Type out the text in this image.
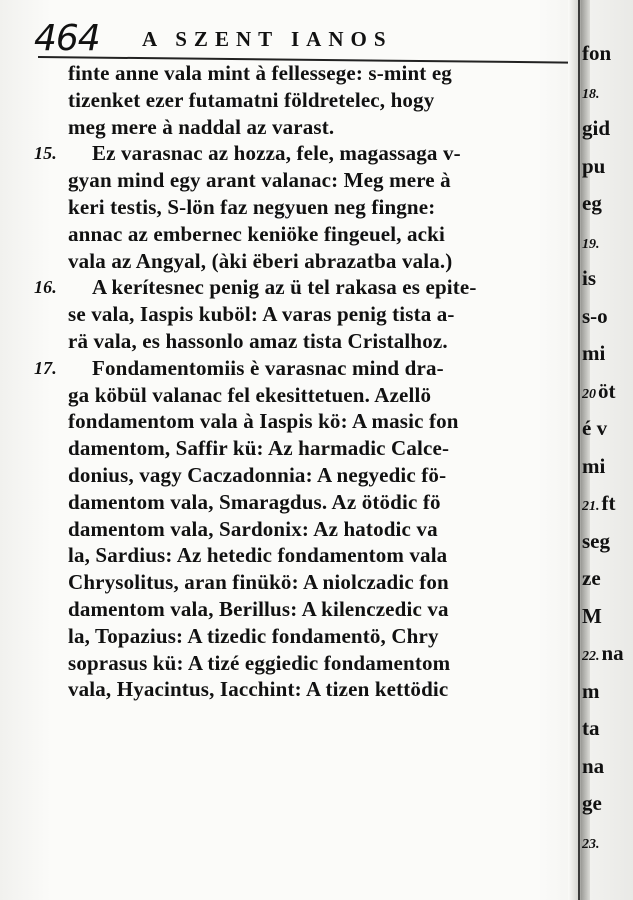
464 A SZENT IANOS
finte anne vala mint à fellessege: s-mint eg
tizenket ezer futamatni földretelec, hogy
meg mere à naddal az varast.
15. Ez varasnac az hozza, fele, magassaga v-
gyan mind egy arant valanac: Meg mere à
keri testis, S-lön faz negyuen neg fingne:
annac az embernec keniöke fingeuel, acki
vala az Angyal, (àki ëberi abrazatba vala.)
16. A kerítesnec penig az ü tel rakasa es epite-
se vala, Iaspis kuböl: A varas penig tista a-
rä vala, es hassonlo amaz tista Cristalhoz.
17. Fondamentomiis è varasnac mind dra-
ga köbül valanac fel ekesittetuen. Azellö
fondamentom vala à Iaspis kö: A masic fon
damentom, Saffir kü: Az harmadic Calce-
donius, vagy Caczadonnia: A negyedic fö-
damentom vala, Smaragdus. Az ötödic fö
damentom vala, Sardonix: Az hatodic va
la, Sardius: Az hetedic fondamentom vala
Chrysolitus, aran finükö: A niolczadic fon
damentom vala, Berillus: A kilenczedic va
la, Topazius: A tizedic fondamentö, Chry
soprasus kü: A tizé eggiedic fondamentom
vala, Hyacintus, Iacchint: A tizen kettödic
fon
18.
gid
pu
eg
19.
is
s-o
mi
20öt
é v
mi
21.ft
seg
ze
M
22.na
m
ta
na
ge
23.
